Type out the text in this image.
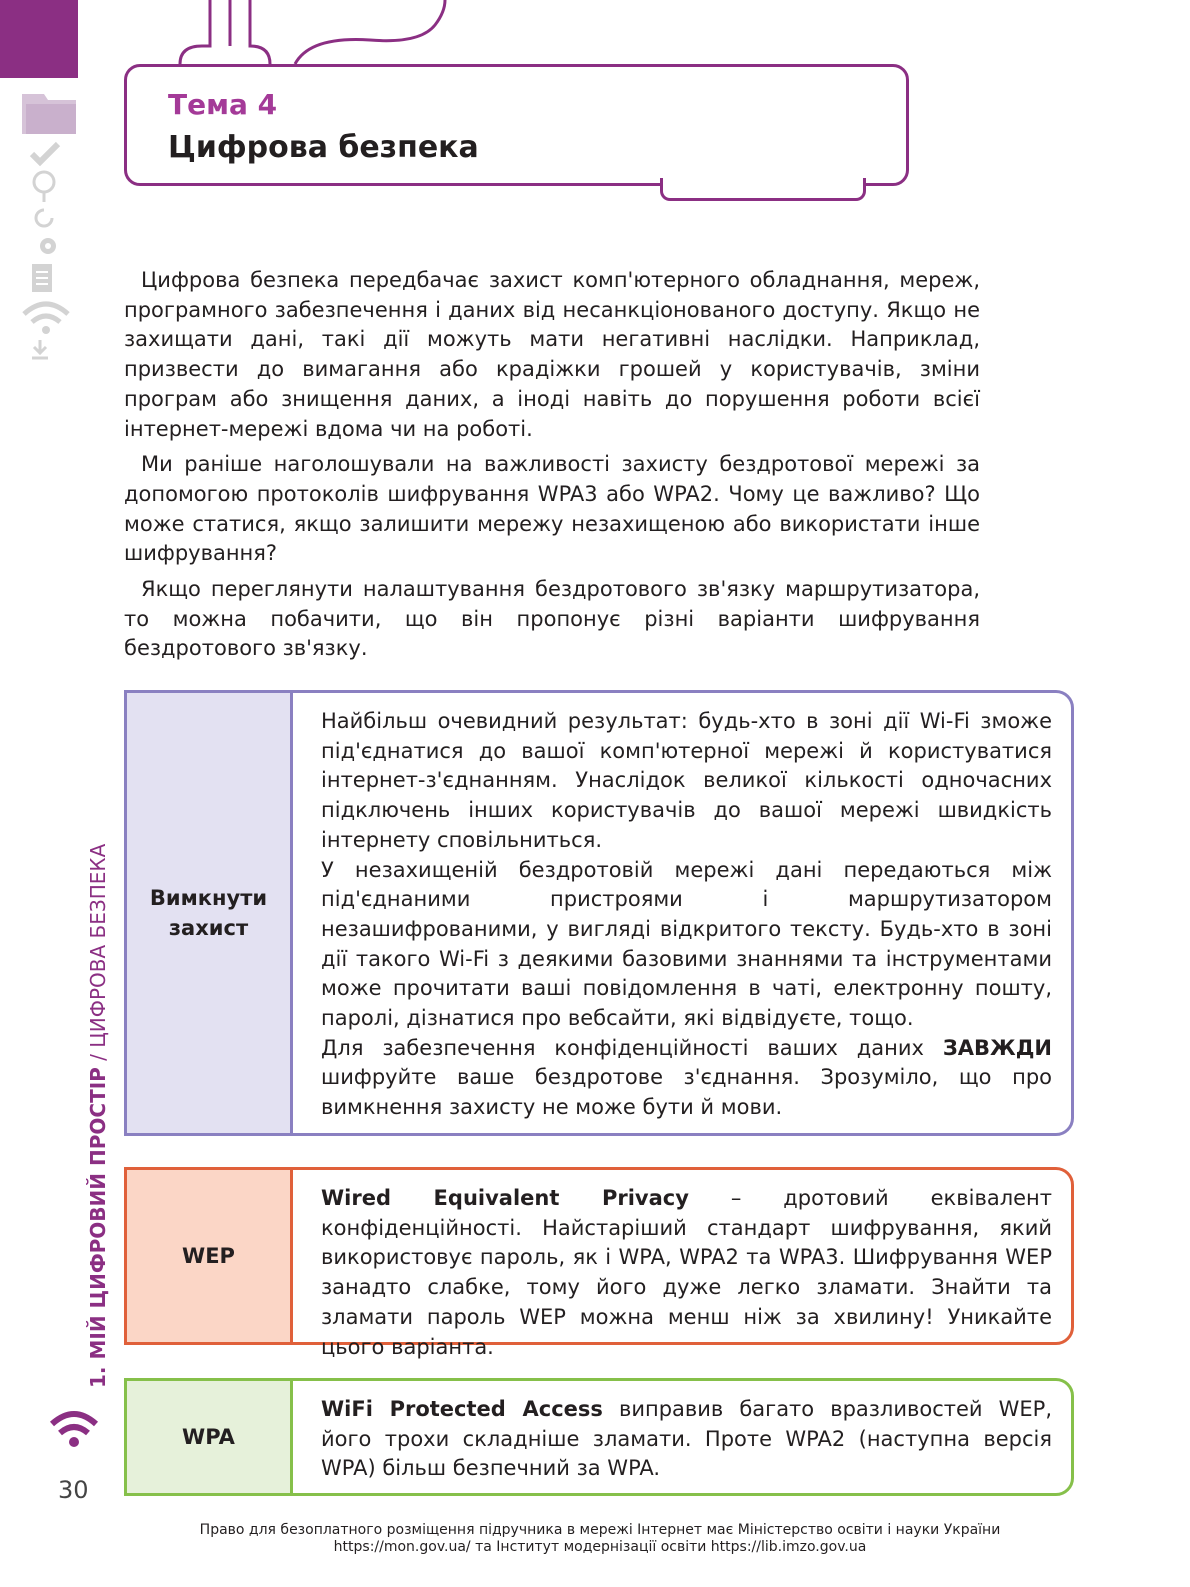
Тема 4
Цифрова безпека

Цифрова безпека передбачає захист комп'ютерного обладнання, мереж, програмного забезпечення і даних від несанкціонованого доступу. Якщо не захищати дані, такі дії можуть мати негативні наслідки. Наприклад, призвести до вимагання або крадіжки грошей у користувачів, зміни програм або знищення даних, а іноді навіть до порушення роботи всієї інтернет-мережі вдома чи на роботі.

Ми раніше наголошували на важливості захисту бездротової мережі за допомогою протоколів шифрування WPA3 або WPA2. Чому це важливо? Що може статися, якщо залишити мережу незахищеною або використати інше шифрування?

Якщо переглянути налаштування бездротового зв'язку маршрутизатора, то можна побачити, що він пропонує різні варіанти шифрування бездротового зв'язку.

Вимкнути захист

Найбільш очевидний результат: будь-хто в зоні дії Wi-Fi зможе під'єднатися до вашої комп'ютерної мережі й користуватися інтернет-з'єднанням. Унаслідок великої кількості одночасних підключень інших користувачів до вашої мережі швидкість інтернету сповільниться.

У незахищеній бездротовій мережі дані передаються між під'єднаними пристроями і маршрутизатором незашифрованими, у вигляді відкритого тексту. Будь-хто в зоні дії такого Wi-Fi з деякими базовими знаннями та інструментами може прочитати ваші повідомлення в чаті, електронну пошту, паролі, дізнатися про вебсайти, які відвідуєте, тощо.

Для забезпечення конфіденційності ваших даних ЗАВЖДИ шифруйте ваше бездротове з'єднання. Зрозуміло, що про вимкнення захисту не може бути й мови.

WEP

Wired Equivalent Privacy – дротовий еквівалент конфіденційності. Найстаріший стандарт шифрування, який використовує пароль, як і WPA, WPA2 та WPA3. Шифрування WEP занадто слабке, тому його дуже легко зламати. Знайти та зламати пароль WEP можна менш ніж за хвилину! Уникайте цього варіанта.

WPA

WiFi Protected Access виправив багато вразливостей WEP, його трохи складніше зламати. Проте WPA2 (наступна версія WPA) більш безпечний за WPA.

1. МІЙ ЦИФРОВИЙ ПРОСТІР / ЦИФРОВА БЕЗПЕКА
30
Право для безоплатного розміщення підручника в мережі Інтернет має Міністерство освіти і науки України
https://mon.gov.ua/ та Інститут модернізації освіти https://lib.imzo.gov.ua
